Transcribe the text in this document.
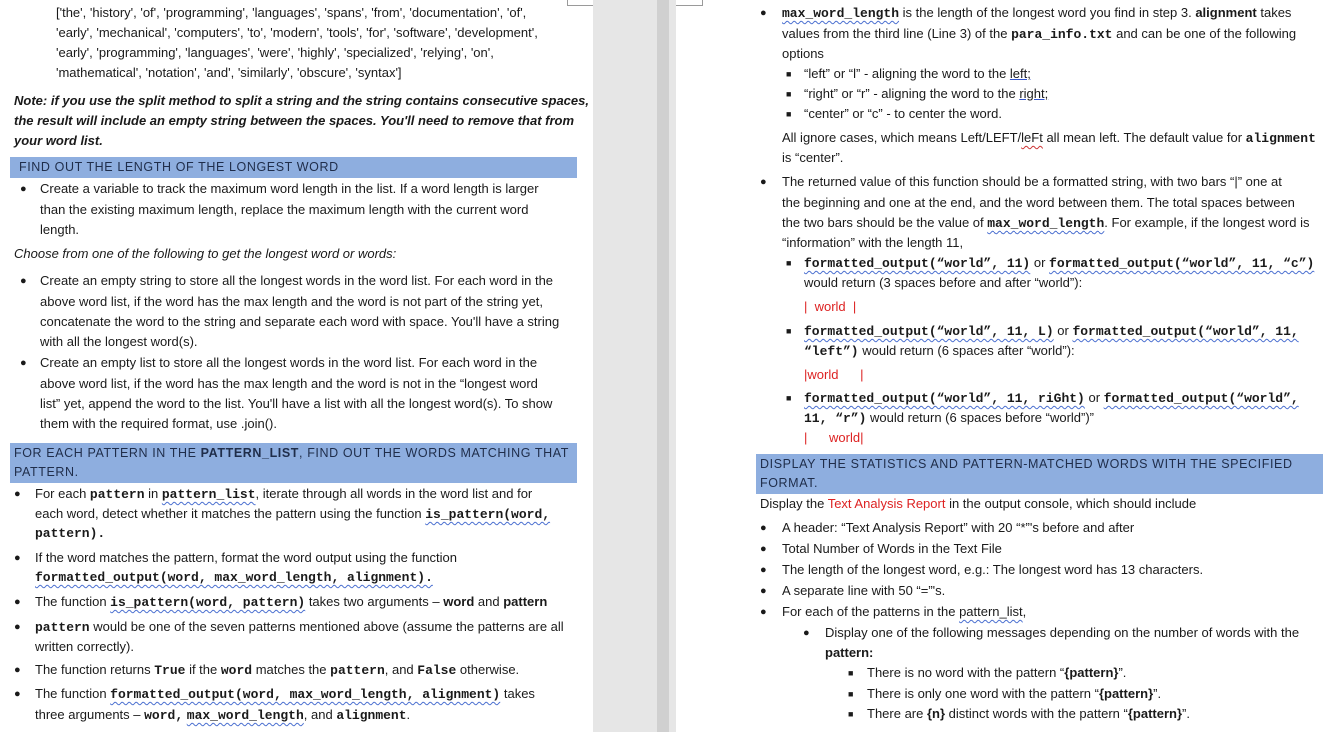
['the', 'history', 'of', 'programming', 'languages', 'spans', 'from', 'documentation', 'of',
'early', 'mechanical', 'computers', 'to', 'modern', 'tools', 'for', 'software', 'development',
'early', 'programming', 'languages', 'were', 'highly', 'specialized', 'relying', 'on',
'mathematical', 'notation', 'and', 'similarly', 'obscure', 'syntax']
Note: if you use the split method to split a string and the string contains consecutive spaces,
the result will include an empty string between the spaces. You'll need to remove that from
your word list.
FIND OUT THE LENGTH OF THE LONGEST WORD
● Create a variable to track the maximum word length in the list. If a word length is larger
than the existing maximum length, replace the maximum length with the current word
length.
Choose from one of the following to get the longest word or words:
● Create an empty string to store all the longest words in the word list. For each word in the
above word list, if the word has the max length and the word is not part of the string yet,
concatenate the word to the string and separate each word with space. You'll have a string
with all the longest word(s).
● Create an empty list to store all the longest words in the word list. For each word in the
above word list, if the word has the max length and the word is not in the “longest word
list” yet, append the word to the list. You'll have a list with all the longest word(s). To show
them with the required format, use .join().
FOR EACH PATTERN IN THE PATTERN_LIST, FIND OUT THE WORDS MATCHING THAT
PATTERN.
● For each pattern in pattern_list, iterate through all words in the word list and for
each word, detect whether it matches the pattern using the function is_pattern(word,
pattern).
● If the word matches the pattern, format the word output using the function
formatted_output(word, max_word_length, alignment).
● The function is_pattern(word, pattern) takes two arguments – word and pattern
● pattern would be one of the seven patterns mentioned above (assume the patterns are all
written correctly).
● The function returns True if the word matches the pattern, and False otherwise.
● The function formatted_output(word, max_word_length, alignment) takes
three arguments – word, max_word_length, and alignment.
● max_word_length is the length of the longest word you find in step 3. alignment takes
values from the third line (Line 3) of the para_info.txt and can be one of the following
options
■ “left” or “l” - aligning the word to the left;
■ “right” or “r” - aligning the word to the right;
■ “center” or “c” - to center the word.
All ignore cases, which means Left/LEFT/leFt all mean left. The default value for alignment
is “center”.
● The returned value of this function should be a formatted string, with two bars “|” one at
the beginning and one at the end, and the word between them. The total spaces between
the two bars should be the value of max_word_length. For example, if the longest word is
“information” with the length 11,
■ formatted_output(“world”, 11) or formatted_output(“world”, 11, “c”)
would return (3 spaces before and after “world”):
|  world  |
■ formatted_output(“world”, 11, L) or formatted_output(“world”, 11,
“left”) would return (6 spaces after “world”):
|world      |
■ formatted_output(“world”, 11, riGht) or formatted_output(“world”,
11, “r”) would return (6 spaces before “world”)”
|      world|
DISPLAY THE STATISTICS AND PATTERN-MATCHED WORDS WITH THE SPECIFIED
FORMAT.
Display the Text Analysis Report in the output console, which should include
● A header: “Text Analysis Report” with 20 “*”'s before and after
● Total Number of Words in the Text File
● The length of the longest word, e.g.: The longest word has 13 characters.
● A separate line with 50 “=”'s.
● For each of the patterns in the pattern_list,
● Display one of the following messages depending on the number of words with the
pattern:
■ There is no word with the pattern “{pattern}”.
■ There is only one word with the pattern “{pattern}”.
■ There are {n} distinct words with the pattern “{pattern}”.
